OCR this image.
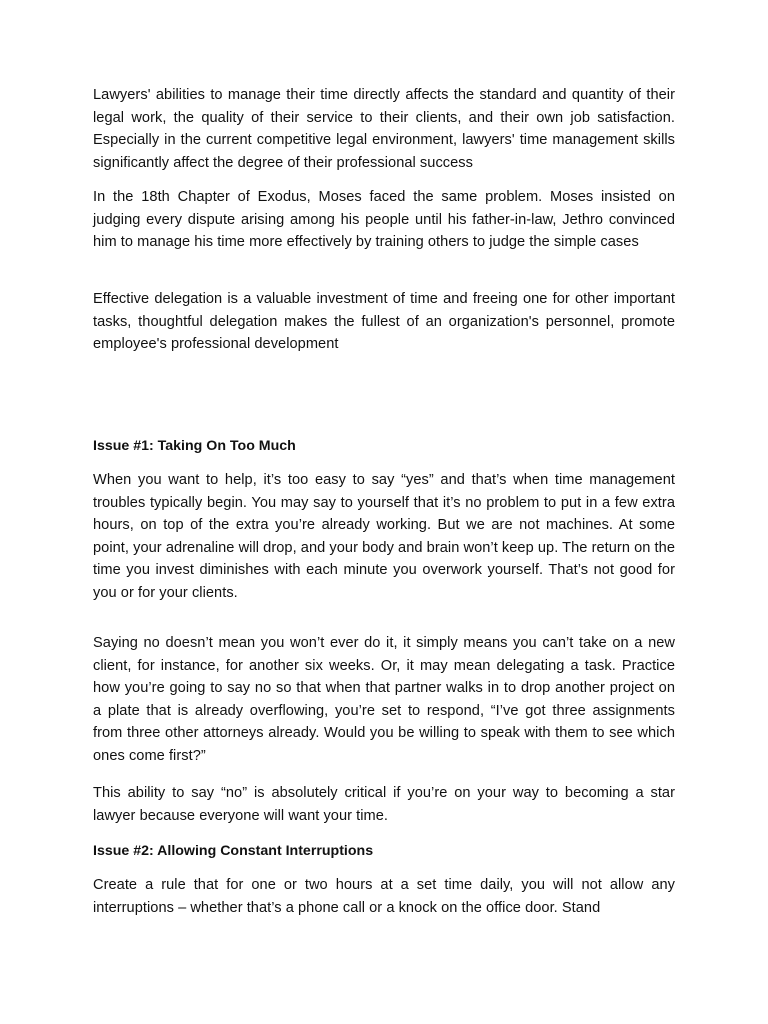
Lawyers' abilities to manage their time directly affects the standard and quantity of their legal work, the quality of their service to their clients, and their own job satisfaction. Especially in the current competitive legal environment, lawyers' time management skills significantly affect the degree of their professional success

In the 18th Chapter of Exodus, Moses faced the same problem. Moses insisted on judging every dispute arising among his people until his father-in-law, Jethro convinced him to manage his time more effectively by training others to judge the simple cases

Effective delegation is a valuable investment of time and freeing one for other important tasks, thoughtful delegation makes the fullest of an organization's personnel, promote employee's professional development

Issue #1: Taking On Too Much

When you want to help, it’s too easy to say “yes” and that’s when time management troubles typically begin. You may say to yourself that it’s no problem to put in a few extra hours, on top of the extra you’re already working. But we are not machines. At some point, your adrenaline will drop, and your body and brain won’t keep up. The return on the time you invest diminishes with each minute you overwork yourself. That’s not good for you or for your clients.

Saying no doesn’t mean you won’t ever do it, it simply means you can’t take on a new client, for instance, for another six weeks. Or, it may mean delegating a task. Practice how you’re going to say no so that when that partner walks in to drop another project on a plate that is already overflowing, you’re set to respond, “I’ve got three assignments from three other attorneys already. Would you be willing to speak with them to see which ones come first?”

This ability to say “no” is absolutely critical if you’re on your way to becoming a star lawyer because everyone will want your time.

Issue #2: Allowing Constant Interruptions

Create a rule that for one or two hours at a set time daily, you will not allow any interruptions – whether that’s a phone call or a knock on the office door. Stand
